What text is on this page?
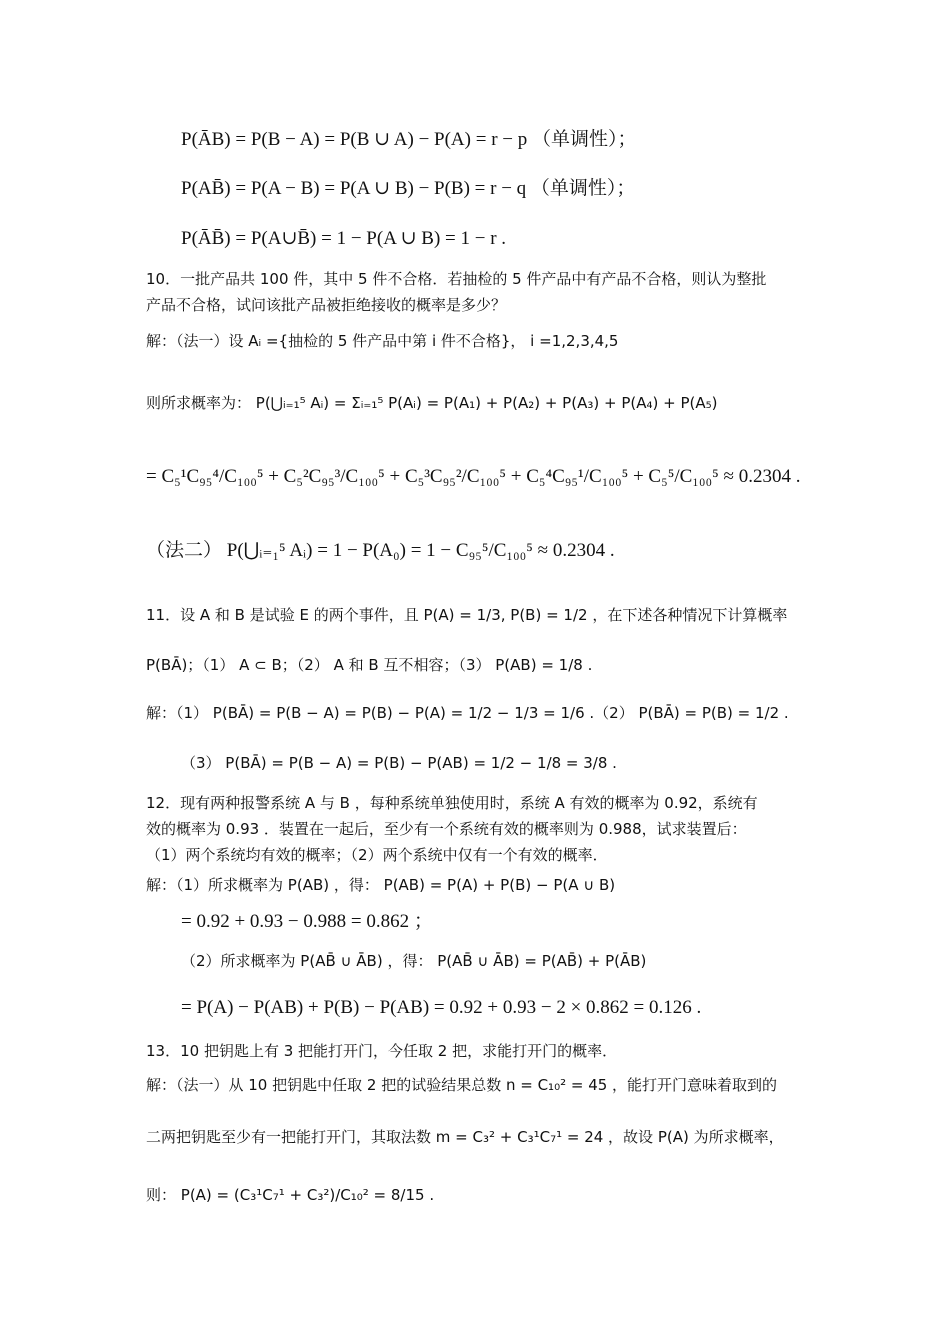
P(ĀB) = P(B − A) = P(B ∪ A) − P(A) = r − p （单调性）；
P(AB̄) = P(A − B) = P(A ∪ B) − P(B) = r − q （单调性）；
P(ĀB̄) = P(A∪B̄̄) = 1 − P(A ∪ B) = 1 − r .
10．一批产品共 100 件，其中 5 件不合格．若抽检的 5 件产品中有产品不合格，则认为整批
产品不合格，试问该批产品被拒绝接收的概率是多少？
解：（法一）设 Aᵢ ={抽检的 5 件产品中第 i 件不合格}， i =1,2,3,4,5
则所求概率为： P(⋃ᵢ₌₁⁵ Aᵢ) = Σᵢ₌₁⁵ P(Aᵢ) = P(A₁) + P(A₂) + P(A₃) + P(A₄) + P(A₅)
= C₅¹C₉₅⁴/C₁₀₀⁵ + C₅²C₉₅³/C₁₀₀⁵ + C₅³C₉₅²/C₁₀₀⁵ + C₅⁴C₉₅¹/C₁₀₀⁵ + C₅⁵/C₁₀₀⁵ ≈ 0.2304 .
（法二） P(⋃ᵢ₌₁⁵ Aᵢ) = 1 − P(A₀) = 1 − C₉₅⁵/C₁₀₀⁵ ≈ 0.2304 .
11．设 A 和 B 是试验 E 的两个事件，且 P(A) = 1/3, P(B) = 1/2 ，在下述各种情况下计算概率
P(BĀ)；（1） A ⊂ B；（2） A 和 B 互不相容；（3） P(AB) = 1/8 .
解：（1） P(BĀ) = P(B − A) = P(B) − P(A) = 1/2 − 1/3 = 1/6 .（2） P(BĀ) = P(B) = 1/2 .
（3） P(BĀ) = P(B − A) = P(B) − P(AB) = 1/2 − 1/8 = 3/8 .
12．现有两种报警系统 A 与 B ，每种系统单独使用时，系统 A 有效的概率为 0.92，系统有
效的概率为 0.93 ．装置在一起后，至少有一个系统有效的概率则为 0.988，试求装置后：
（1）两个系统均有效的概率；（2）两个系统中仅有一个有效的概率．
解：（1）所求概率为 P(AB) ，得： P(AB) = P(A) + P(B) − P(A ∪ B)
= 0.92 + 0.93 − 0.988 = 0.862 ；
（2）所求概率为 P(AB̄ ∪ ĀB) ，得： P(AB̄ ∪ ĀB) = P(AB̄) + P(ĀB)
= P(A) − P(AB) + P(B) − P(AB) = 0.92 + 0.93 − 2 × 0.862 = 0.126 .
13．10 把钥匙上有 3 把能打开门，今任取 2 把，求能打开门的概率．
解：（法一）从 10 把钥匙中任取 2 把的试验结果总数 n = C₁₀² = 45 ，能打开门意味着取到的
二两把钥匙至少有一把能打开门，其取法数 m = C₃² + C₃¹C₇¹ = 24 ，故设 P(A) 为所求概率，
则： P(A) = (C₃¹C₇¹ + C₃²)/C₁₀² = 8/15 .
